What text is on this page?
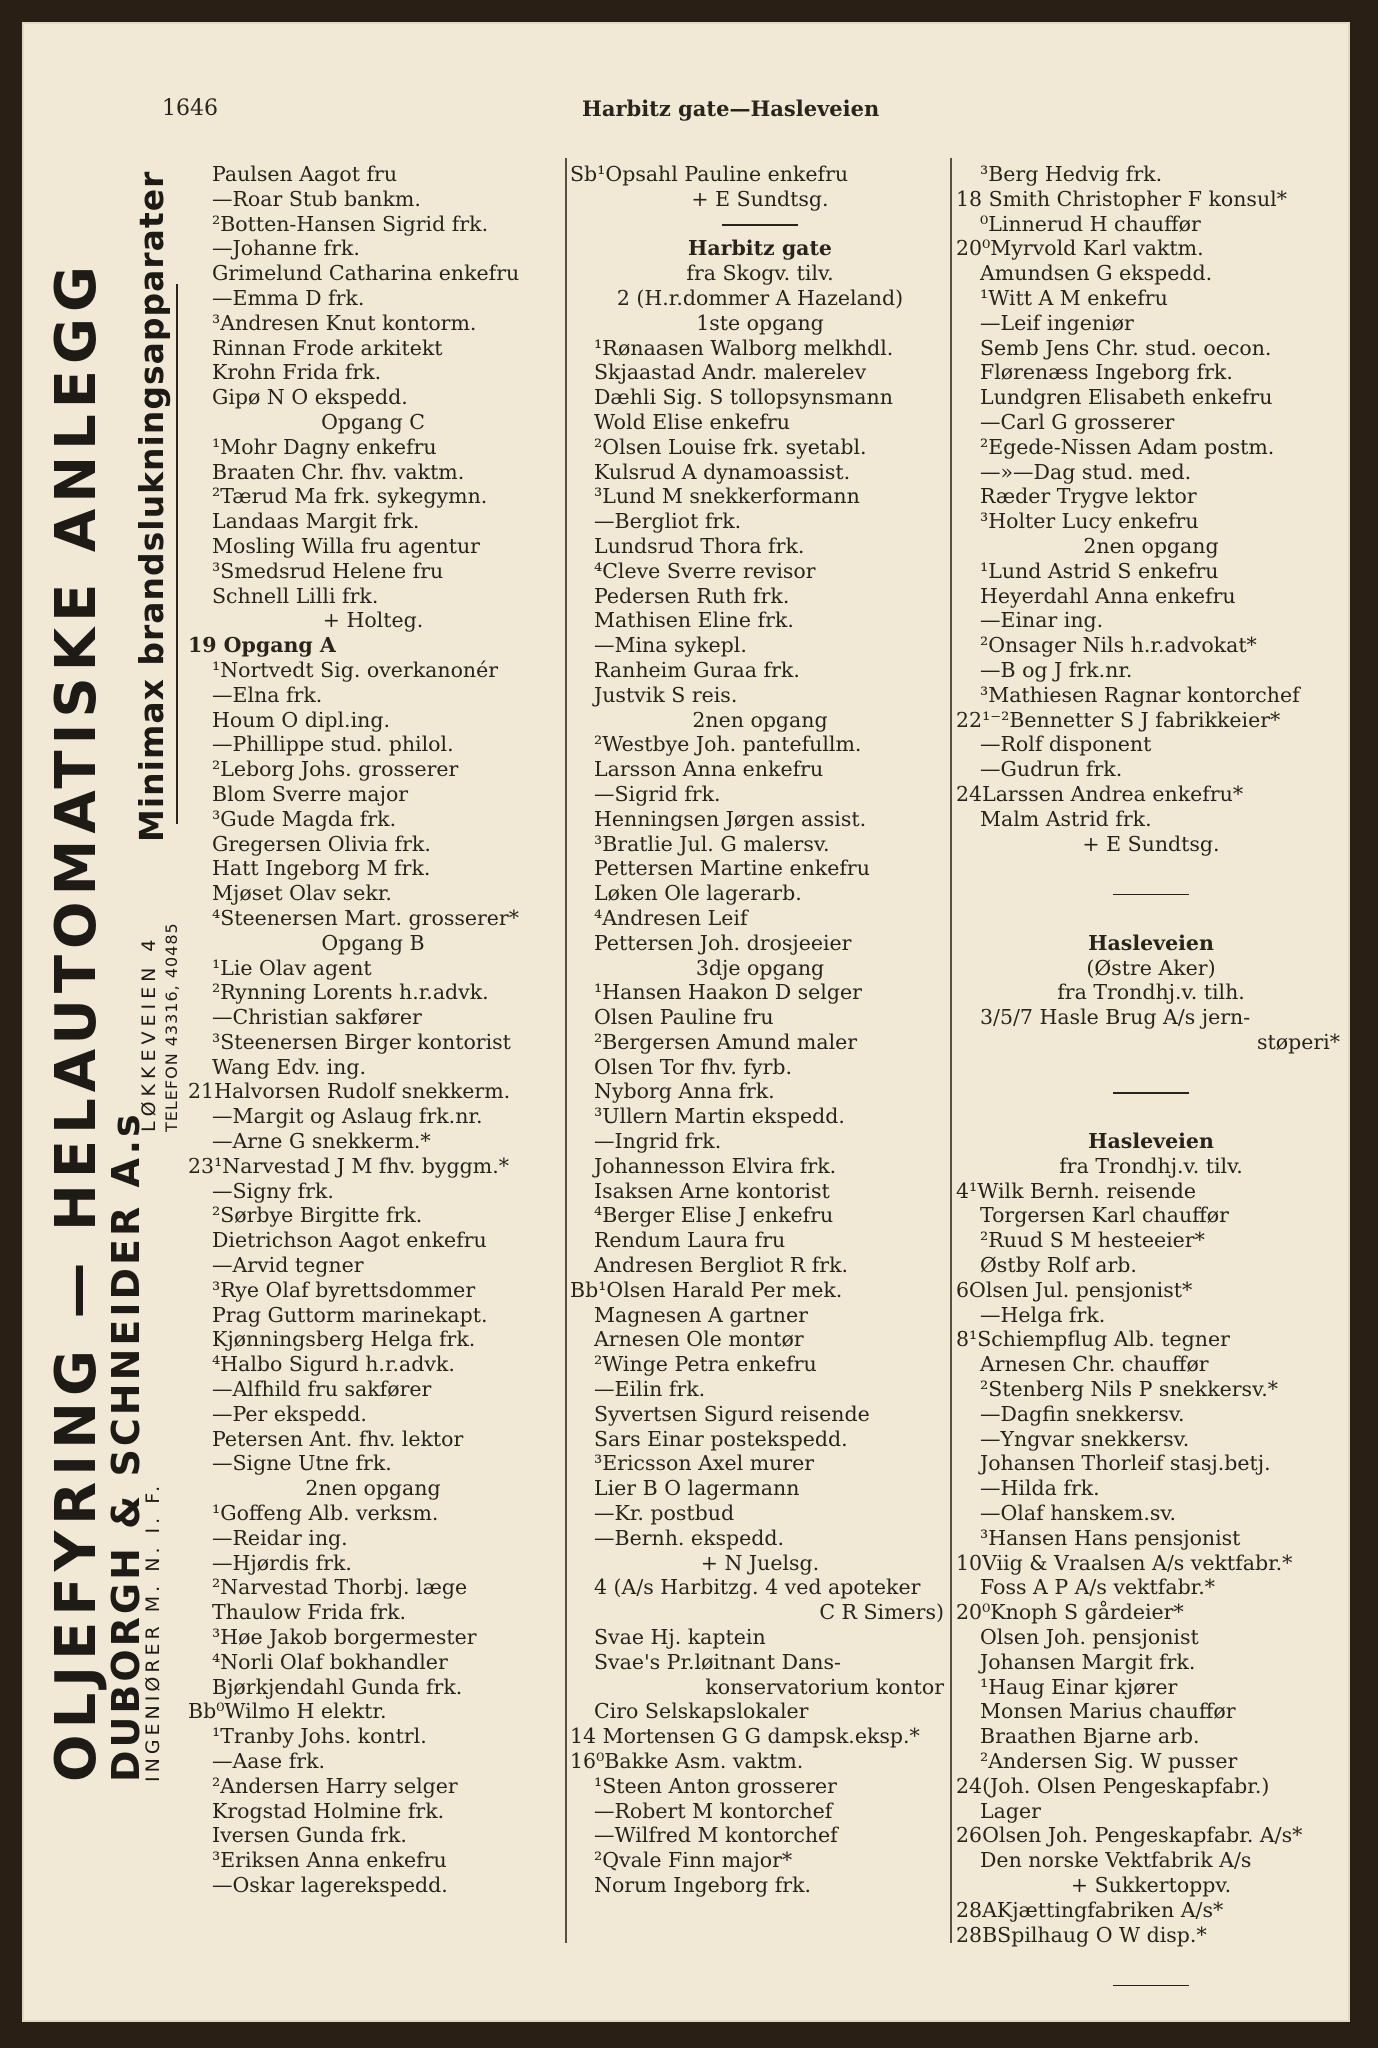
1646	Harbitz gate—Hasleveien
OLJEFYRING — HELAUTOMATISKE ANLEGG
DUBORGH & SCHNEIDER A.s
INGENIØRER M. N. I. F.
LØKKEVEIEN 4 TELEFON 43316, 40485
Minimax brandslukningsapparater	Paulsen Aagot fru
—Roar Stub bankm.
²Botten-Hansen Sigrid frk.
—Johanne frk.
Grimelund Catharina enkefru
—Emma D frk.
³Andresen Knut kontorm.
Rinnan Frode arkitekt
Krohn Frida frk.
Gipø N O ekspedd.
Opgang C
¹Mohr Dagny enkefru
Braaten Chr. fhv. vaktm.
²Tærud Ma frk. sykegymn.
Landaas Margit frk.
Mosling Willa fru agentur
³Smedsrud Helene fru
Schnell Lilli frk.
+ Holteg.
19 Opgang A
¹Nortvedt Sig. overkanonér
—Elna frk.
Houm O dipl.ing.
—Phillippe stud. philol.
²Leborg Johs. grosserer
Blom Sverre major
³Gude Magda frk.
Gregersen Olivia frk.
Hatt Ingeborg M frk.
Mjøset Olav sekr.
⁴Steenersen Mart. grosserer*
Opgang B
¹Lie Olav agent
²Rynning Lorents h.r.advk.
—Christian sakfører
³Steenersen Birger kontorist
Wang Edv. ing.
21Halvorsen Rudolf snekkerm.
—Margit og Aslaug frk.nr.
—Arne G snekkerm.*
23¹Narvestad J M fhv. byggm.*
—Signy frk.
²Sørbye Birgitte frk.
Dietrichson Aagot enkefru
—Arvid tegner
³Rye Olaf byrettsdommer
Prag Guttorm marinekapt.
Kjønningsberg Helga frk.
⁴Halbo Sigurd h.r.advk.
—Alfhild fru sakfører
—Per ekspedd.
Petersen Ant. fhv. lektor
—Signe Utne frk.
2nen opgang
¹Goffeng Alb. verksm.
—Reidar ing.
—Hjørdis frk.
²Narvestad Thorbj. læge
Thaulow Frida frk.
³Høe Jakob borgermester
⁴Norli Olaf bokhandler
Bjørkjendahl Gunda frk.
Bb⁰Wilmo H elektr.
¹Tranby Johs. kontrl.
—Aase frk.
²Andersen Harry selger
Krogstad Holmine frk.
Iversen Gunda frk.
³Eriksen Anna enkefru
—Oskar lagerekspedd.
Sb¹Opsahl Pauline enkefru
+ E Sundtsg.
Harbitz gate
fra Skogv. tilv.
2 (H.r.dommer A Hazeland)
1ste opgang
¹Rønaasen Walborg melkhdl.
Skjaastad Andr. malerelev
Dæhli Sig. S tollopsynsmann
Wold Elise enkefru
²Olsen Louise frk. syetabl.
Kulsrud A dynamoassist.
³Lund M snekkerformann
—Bergliot frk.
Lundsrud Thora frk.
⁴Cleve Sverre revisor
Pedersen Ruth frk.
Mathisen Eline frk.
—Mina sykepl.
Ranheim Guraa frk.
Justvik S reis.
2nen opgang
²Westbye Joh. pantefullm.
Larsson Anna enkefru
—Sigrid frk.
Henningsen Jørgen assist.
³Bratlie Jul. G malersv.
Pettersen Martine enkefru
Løken Ole lagerarb.
⁴Andresen Leif
Pettersen Joh. drosjeeier
3dje opgang
¹Hansen Haakon D selger
Olsen Pauline fru
²Bergersen Amund maler
Olsen Tor fhv. fyrb.
Nyborg Anna frk.
³Ullern Martin ekspedd.
—Ingrid frk.
Johannesson Elvira frk.
Isaksen Arne kontorist
⁴Berger Elise J enkefru
Rendum Laura fru
Andresen Bergliot R frk.
Bb¹Olsen Harald Per mek.
Magnesen A gartner
Arnesen Ole montør
²Winge Petra enkefru
—Eilin frk.
Syvertsen Sigurd reisende
Sars Einar postekspedd.
³Ericsson Axel murer
Lier B O lagermann
—Kr. postbud
—Bernh. ekspedd.
+ N Juelsg.
4 (A/s Harbitzg. 4 ved apoteker
C R Simers)
Svae Hj. kaptein
Svae's Pr.løitnant Dans-
konservatorium kontor
Ciro Selskapslokaler
14 Mortensen G G dampsk.eksp.*
16⁰Bakke Asm. vaktm.
¹Steen Anton grosserer
—Robert M kontorchef
—Wilfred M kontorchef
²Qvale Finn major*
Norum Ingeborg frk.
³Berg Hedvig frk.
18 Smith Christopher F konsul*
⁰Linnerud H chauffør
20⁰Myrvold Karl vaktm.
Amundsen G ekspedd.
¹Witt A M enkefru
—Leif ingeniør
Semb Jens Chr. stud. oecon.
Flørenæss Ingeborg frk.
Lundgren Elisabeth enkefru
—Carl G grosserer
²Egede-Nissen Adam postm.
—»—Dag stud. med.
Ræder Trygve lektor
³Holter Lucy enkefru
2nen opgang
¹Lund Astrid S enkefru
Heyerdahl Anna enkefru
—Einar ing.
²Onsager Nils h.r.advokat*
—B og J frk.nr.
³Mathiesen Ragnar kontorchef
22¹⁻²Bennetter S J fabrikkeier*
—Rolf disponent
—Gudrun frk.
24Larssen Andrea enkefru*
Malm Astrid frk.
+ E Sundtsg.
Hasleveien
(Østre Aker)
fra Trondhj.v. tilh.
3/5/7 Hasle Brug A/s jern-
støperi*
Hasleveien
fra Trondhj.v. tilv.
4¹Wilk Bernh. reisende
Torgersen Karl chauffør
²Ruud S M hesteeier*
Østby Rolf arb.
6Olsen Jul. pensjonist*
—Helga frk.
8¹Schiempflug Alb. tegner
Arnesen Chr. chauffør
²Stenberg Nils P snekkersv.*
—Dagfin snekkersv.
—Yngvar snekkersv.
Johansen Thorleif stasj.betj.
—Hilda frk.
—Olaf hanskem.sv.
³Hansen Hans pensjonist
10Viig & Vraalsen A/s vektfabr.*
Foss A P A/s vektfabr.*
20⁰Knoph S gårdeier*
Olsen Joh. pensjonist
Johansen Margit frk.
¹Haug Einar kjører
Monsen Marius chauffør
Braathen Bjarne arb.
²Andersen Sig. W pusser
24(Joh. Olsen Pengeskapfabr.)
Lager
26Olsen Joh. Pengeskapfabr. A/s*
Den norske Vektfabrik A/s
+ Sukkertoppv.
28AKjættingfabriken A/s*
28BSpilhaug O W disp.*
